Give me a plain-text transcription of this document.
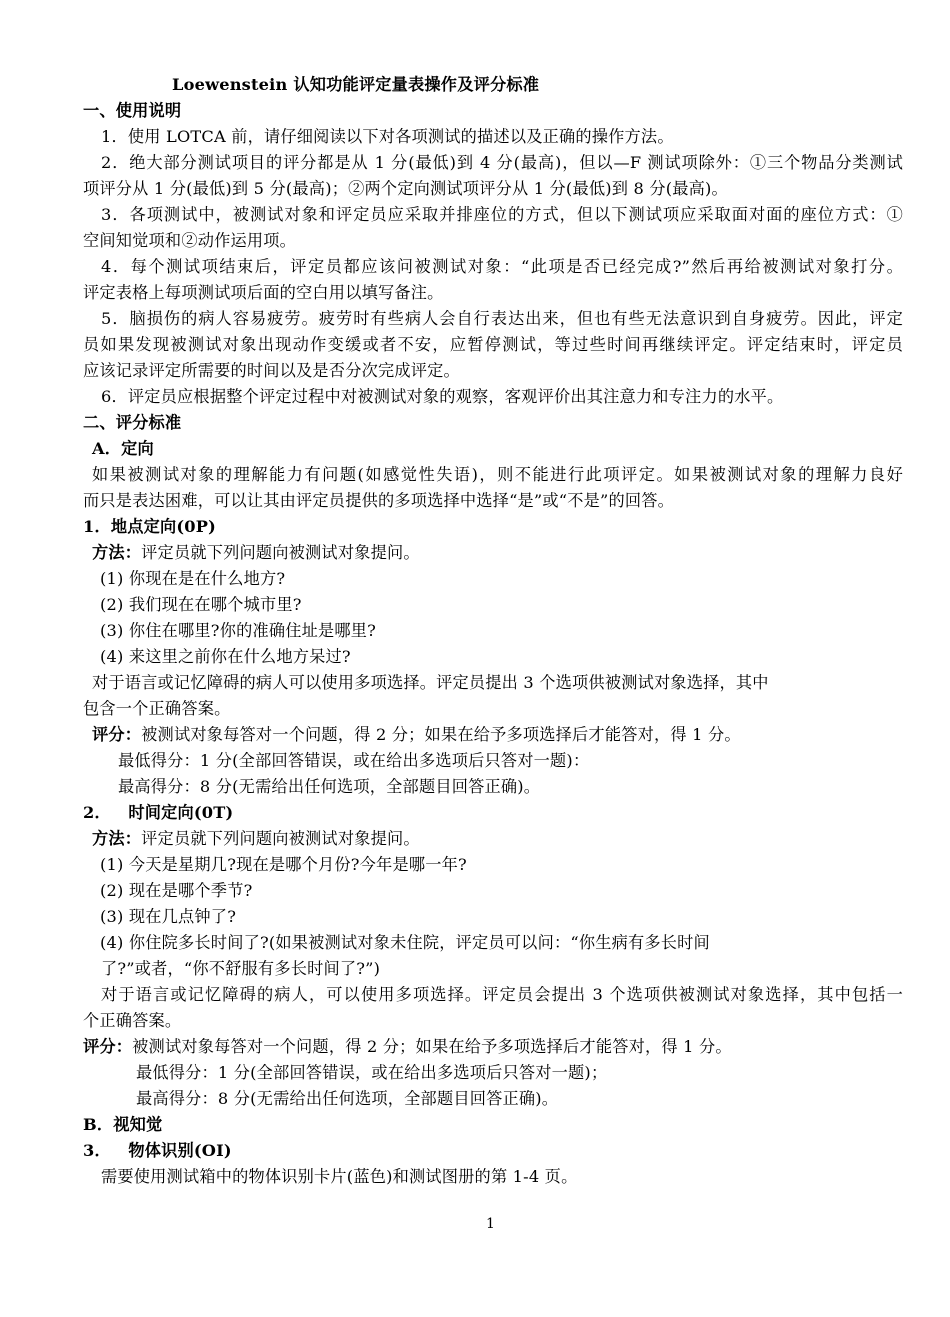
Loewenstein 认知功能评定量表操作及评分标准
一、使用说明
1．使用 LOTCA 前，请仔细阅读以下对各项测试的描述以及正确的操作方法。
2．绝大部分测试项目的评分都是从 1 分(最低)到 4 分(最高)，但以—F 测试项除外：①三个物品分类测试
项评分从 1 分(最低)到 5 分(最高)；②两个定向测试项评分从 1 分(最低)到 8 分(最高)。
3．各项测试中，被测试对象和评定员应采取并排座位的方式，但以下测试项应采取面对面的座位方式：①
空间知觉项和②动作运用项。
4．每个测试项结束后，评定员都应该问被测试对象：“此项是否已经完成?”然后再给被测试对象打分。
评定表格上每项测试项后面的空白用以填写备注。
5．脑损伤的病人容易疲劳。疲劳时有些病人会自行表达出来，但也有些无法意识到自身疲劳。因此，评定
员如果发现被测试对象出现动作变缓或者不安，应暂停测试，等过些时间再继续评定。评定结束时，评定员
应该记录评定所需要的时间以及是否分次完成评定。
6．评定员应根据整个评定过程中对被测试对象的观察，客观评价出其注意力和专注力的水平。
二、评分标准
A．定向
如果被测试对象的理解能力有问题(如感觉性失语)，则不能进行此项评定。如果被测试对象的理解力良好
而只是表达困难，可以让其由评定员提供的多项选择中选择“是”或“不是”的回答。
1．地点定向(0P)
方法：评定员就下列问题向被测试对象提问。
(1) 你现在是在什么地方?
(2) 我们现在在哪个城市里?
(3) 你住在哪里?你的准确住址是哪里?
(4) 来这里之前你在什么地方呆过?
对于语言或记忆障碍的病人可以使用多项选择。评定员提出 3 个选项供被测试对象选择，其中
包含一个正确答案。
评分：被测试对象每答对一个问题，得 2 分；如果在给予多项选择后才能答对，得 1 分。
最低得分：1 分(全部回答错误，或在给出多选项后只答对一题)：
最高得分：8 分(无需给出任何选项，全部题目回答正确)。
2．   时间定向(0T)
方法：评定员就下列问题向被测试对象提问。
(1) 今天是星期几?现在是哪个月份?今年是哪一年?
(2) 现在是哪个季节?
(3) 现在几点钟了?
(4) 你住院多长时间了?(如果被测试对象未住院，评定员可以问：“你生病有多长时间
了?”或者，“你不舒服有多长时间了?”)
对于语言或记忆障碍的病人，可以使用多项选择。评定员会提出 3 个选项供被测试对象选择，其中包括一
个正确答案。
评分：被测试对象每答对一个问题，得 2 分；如果在给予多项选择后才能答对，得 1 分。
最低得分：1 分(全部回答错误，或在给出多选项后只答对一题)；
最高得分：8 分(无需给出任何选项，全部题目回答正确)。
B．视知觉
3．   物体识别(OI)
需要使用测试箱中的物体识别卡片(蓝色)和测试图册的第 1-4 页。
1
